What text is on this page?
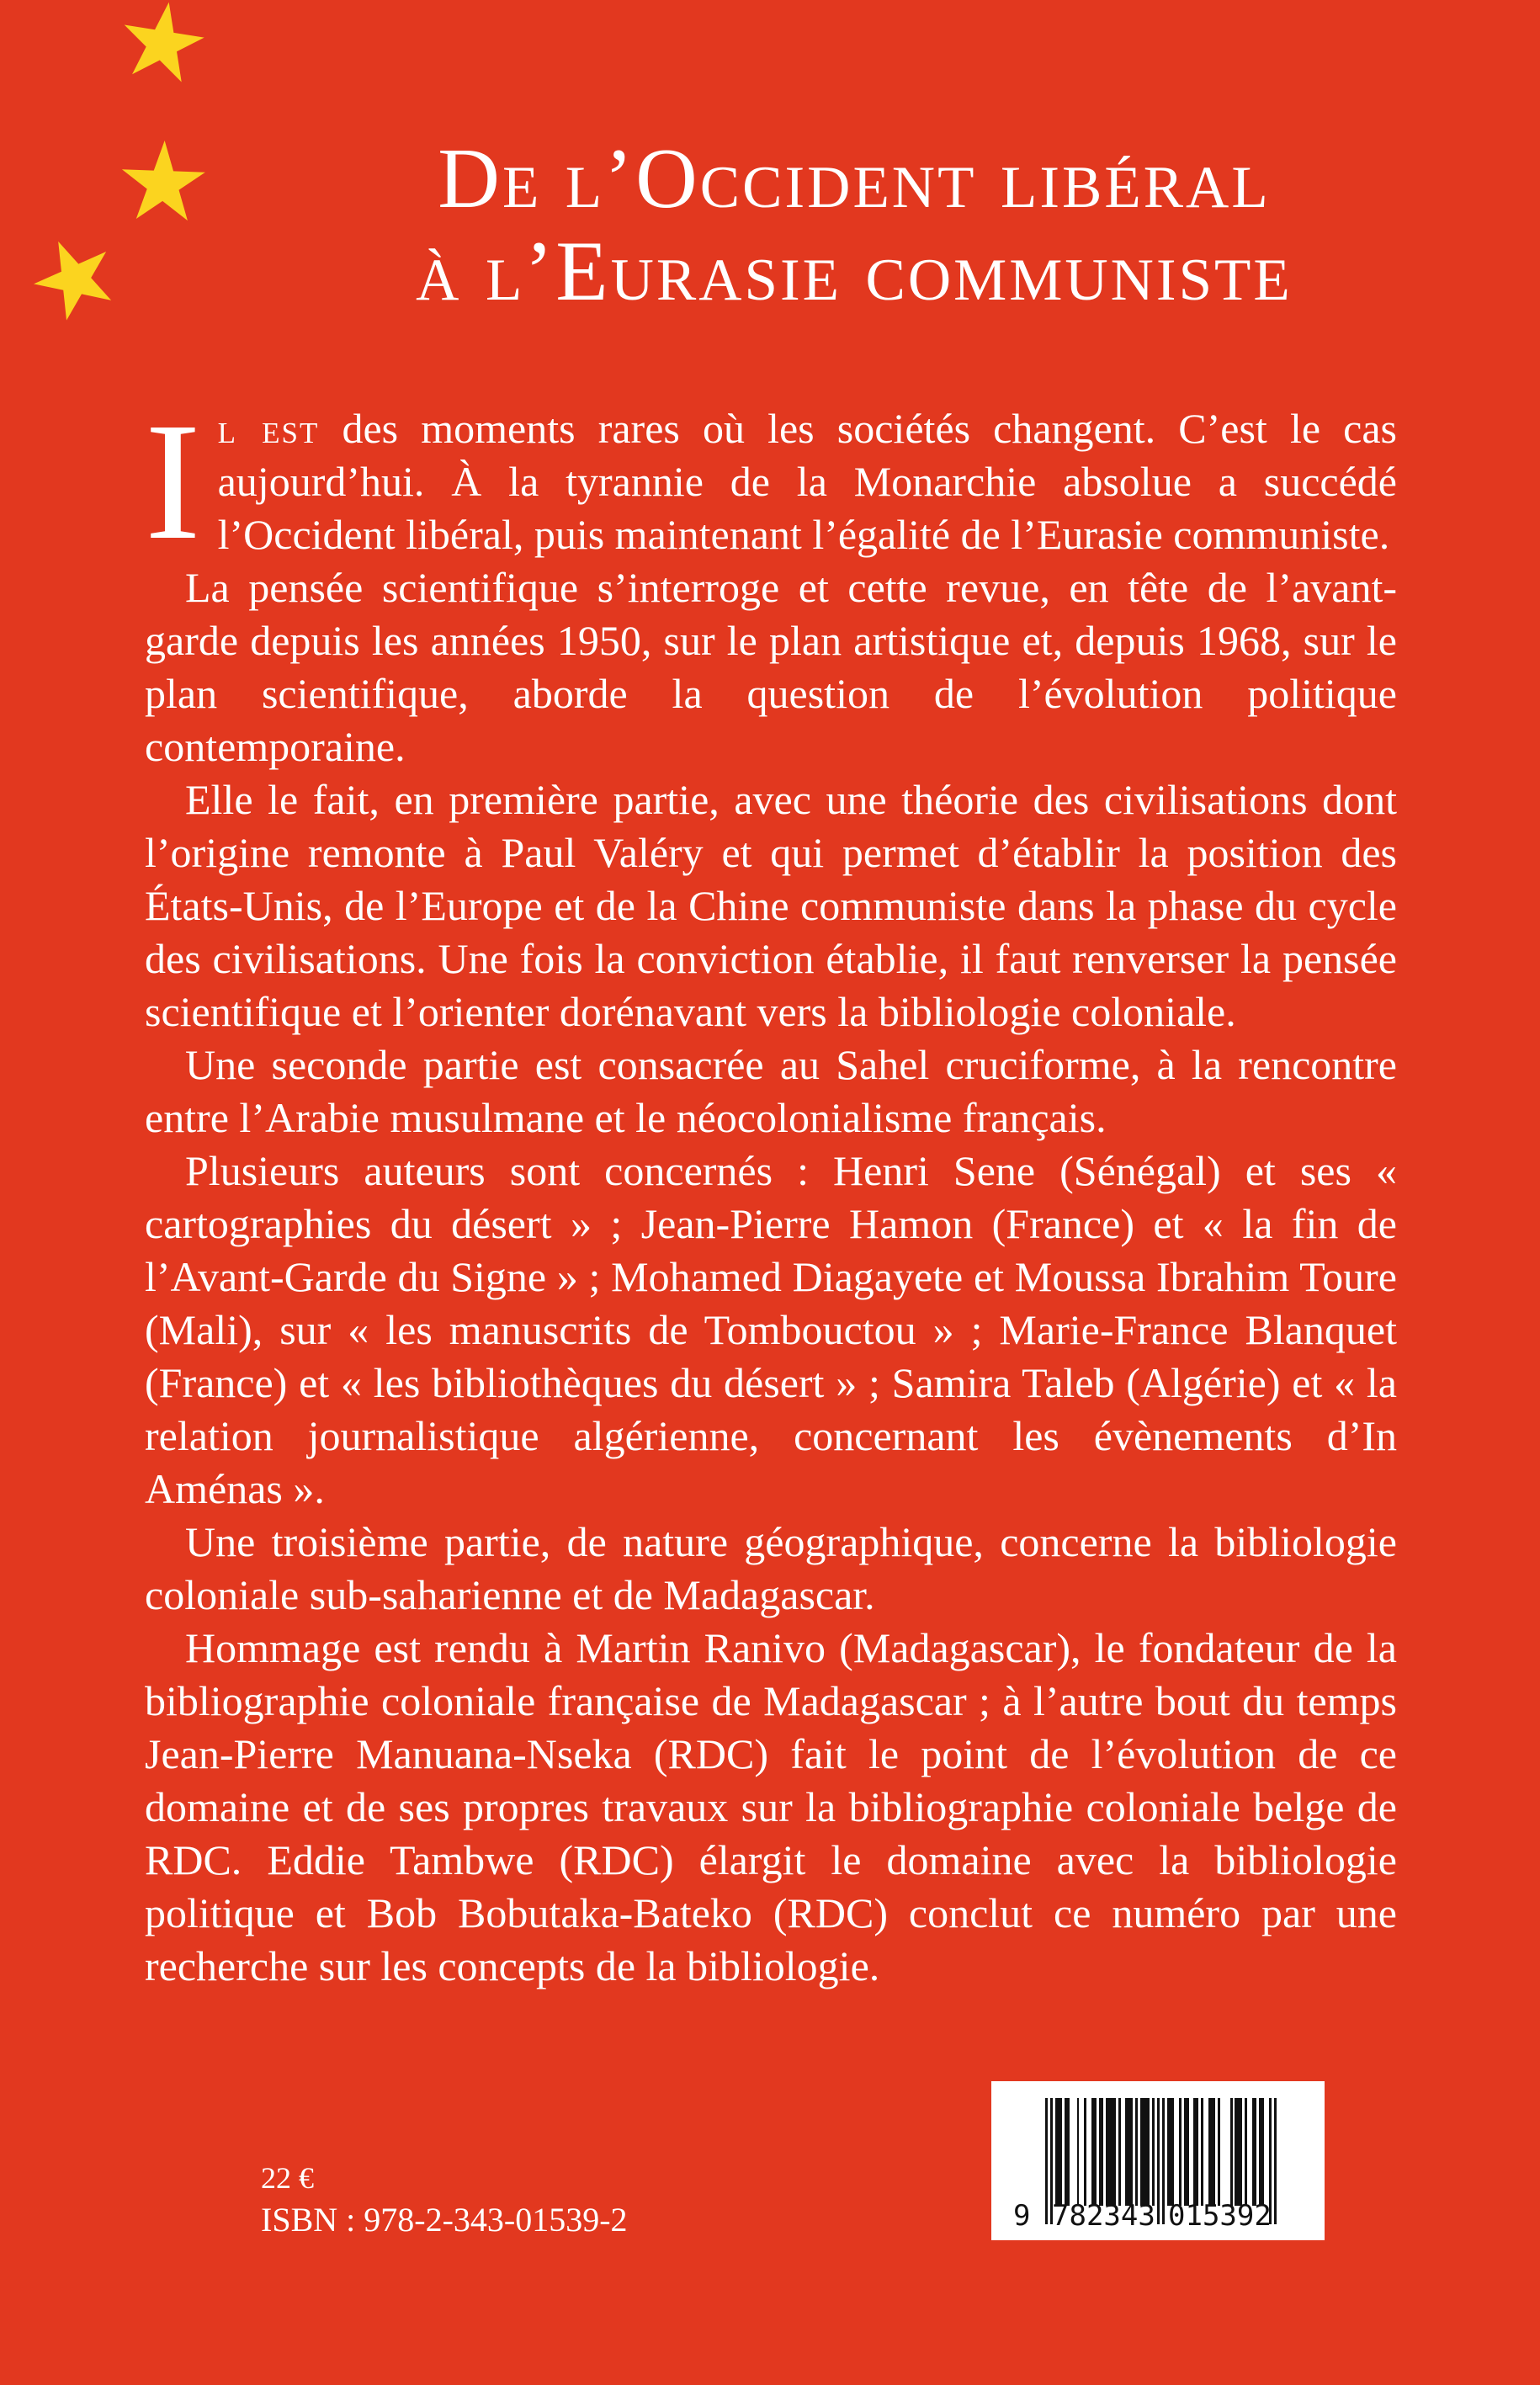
De l’Occident libéral
à l’Eurasie communiste

Il est des moments rares où les sociétés changent. C’est le cas aujourd’hui. À la tyrannie de la Monarchie absolue a succédé l’Occident libéral, puis maintenant l’égalité de l’Eurasie communiste.

La pensée scientifique s’interroge et cette revue, en tête de l’avant-garde depuis les années 1950, sur le plan artistique et, depuis 1968, sur le plan scientifique, aborde la question de l’évolution politique contemporaine.

Elle le fait, en première partie, avec une théorie des civilisations dont l’origine remonte à Paul Valéry et qui permet d’établir la position des États-Unis, de l’Europe et de la Chine communiste dans la phase du cycle des civilisations. Une fois la conviction établie, il faut renverser la pensée scientifique et l’orienter dorénavant vers la bibliologie coloniale.

Une seconde partie est consacrée au Sahel cruciforme, à la rencontre entre l’Arabie musulmane et le néocolonialisme français.

Plusieurs auteurs sont concernés : Henri Sene (Sénégal) et ses « cartographies du désert » ; Jean-Pierre Hamon (France) et « la fin de l’Avant-Garde du Signe » ; Mohamed Diagayete et Moussa Ibrahim Toure (Mali), sur « les manuscrits de Tombouctou » ; Marie-France Blanquet (France) et « les bibliothèques du désert » ; Samira Taleb (Algérie) et « la relation journalistique algérienne, concernant les évènements d’In Aménas ».

Une troisième partie, de nature géographique, concerne la bibliologie coloniale sub-saharienne et de Madagascar.

Hommage est rendu à Martin Ranivo (Madagascar), le fondateur de la bibliographie coloniale française de Madagascar ; à l’autre bout du temps Jean-Pierre Manuana-Nseka (RDC) fait le point de l’évolution de ce domaine et de ses propres travaux sur la bibliographie coloniale belge de RDC. Eddie Tambwe (RDC) élargit le domaine avec la bibliologie politique et Bob Bobutaka-Bateko (RDC) conclut ce numéro par une recherche sur les concepts de la bibliologie.

22 €
ISBN : 978-2-343-01539-2	9 782343 015392
